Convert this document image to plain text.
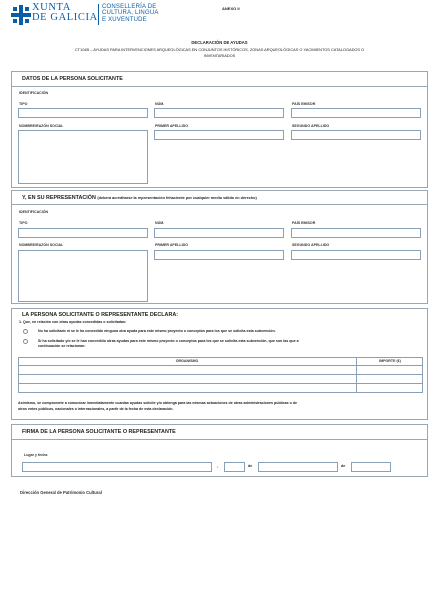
XUNTA
DE GALICIA
CONSELLERÍA DE
CULTURA, LINGUA
E XUVENTUDE
ANEXO II
DECLARACIÓN DE AYUDAS
CT104B – AYUDAS PARA INTERVENCIONES ARQUEOLÓGICAS EN CONJUNTOS HISTÓRICOS, ZONAS ARQUEOLÓGICAS O YACIMIENTOS CATALOGADOS O
INVENTARIADOS
DATOS DE LA PERSONA SOLICITANTE
IDENTIFICACIÓN
TIPO	NÚM.	PAÍS EMISOR
NOMBRE/RAZÓN SOCIAL	PRIMER APELLIDO	SEGUNDO APELLIDO
Y, EN SU REPRESENTACIÓN (deberá acreditarse la representación fehaciente por cualquier medio válido en derecho)
IDENTIFICACIÓN
TIPO	NÚM.	PAÍS EMISOR
NOMBRE/RAZÓN SOCIAL	PRIMER APELLIDO	SEGUNDO APELLIDO
LA PERSONA SOLICITANTE O REPRESENTANTE DECLARA:
1. Que, en relación con otras ayudas concedidas o solicitadas:
No ha solicitado ni se le ha concedido ninguna otra ayuda para este mismo proyecto o conceptos para los que se solicita esta subvención.
Sí ha solicitado y/o se le han concedido otras ayudas para este mismo proyecto o conceptos para los que se solicita esta subvención, que son las que a
continuación se relacionan:
ORGANISMO	IMPORTE (€)
Asimismo, se compromete a comunicar inmediatamente cuantas ayudas solicite y/o obtenga para las mismas actuaciones de otras administraciones públicas o de
otros entes públicos, nacionales o internacionales, a partir de la fecha de esta declaración.
FIRMA DE LA PERSONA SOLICITANTE O REPRESENTANTE
Lugar y fecha
,	de	de
Dirección General de Patrimonio Cultural
